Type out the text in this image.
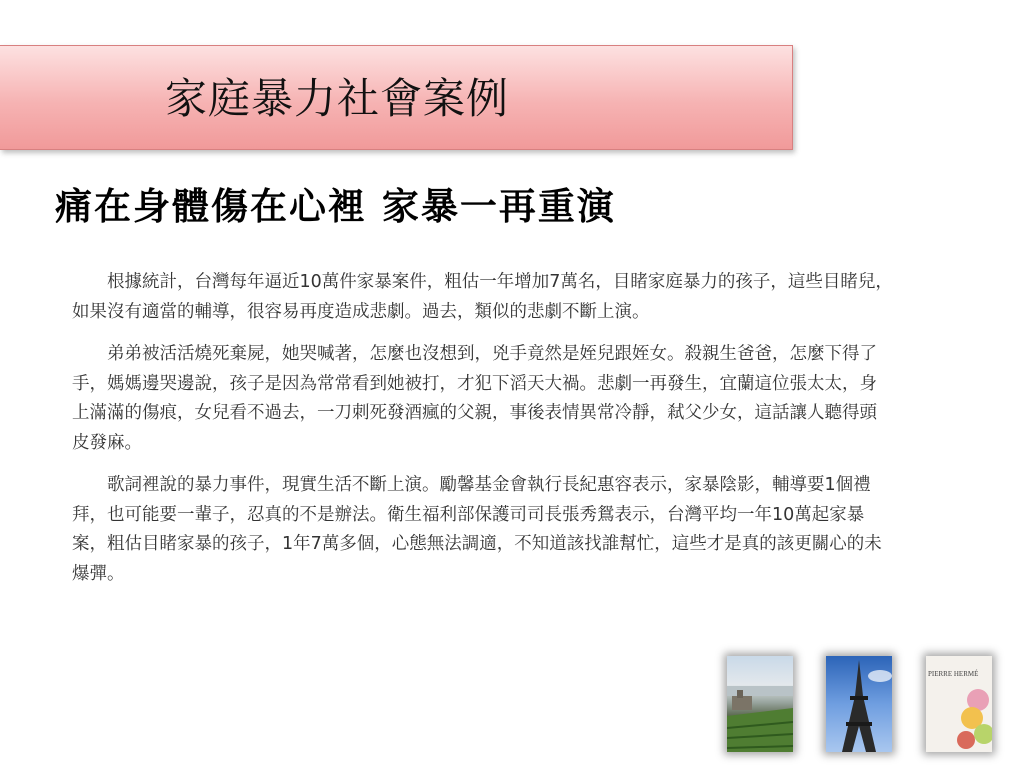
家庭暴力社會案例
痛在身體傷在心裡 家暴一再重演

根據統計，台灣每年逼近10萬件家暴案件，粗估一年增加7萬名，目睹家庭暴力的孩子，這些目睹兒，如果沒有適當的輔導，很容易再度造成悲劇。過去，類似的悲劇不斷上演。

弟弟被活活燒死棄屍，她哭喊著，怎麼也沒想到，兇手竟然是姪兒跟姪女。殺親生爸爸，怎麼下得了手，媽媽邊哭邊說，孩子是因為常常看到她被打，才犯下滔天大禍。悲劇一再發生，宜蘭這位張太太，身上滿滿的傷痕，女兒看不過去，一刀刺死發酒瘋的父親，事後表情異常冷靜，弒父少女，這話讓人聽得頭皮發麻。

歌詞裡說的暴力事件，現實生活不斷上演。勵馨基金會執行長紀惠容表示，家暴陰影，輔導要1個禮拜，也可能要一輩子，忍真的不是辦法。衛生福利部保護司司長張秀鴛表示，台灣平均一年10萬起家暴案，粗估目睹家暴的孩子，1年7萬多個，心態無法調適，不知道該找誰幫忙，這些才是真的該更關心的未爆彈。

PIERRE HERMÉ
